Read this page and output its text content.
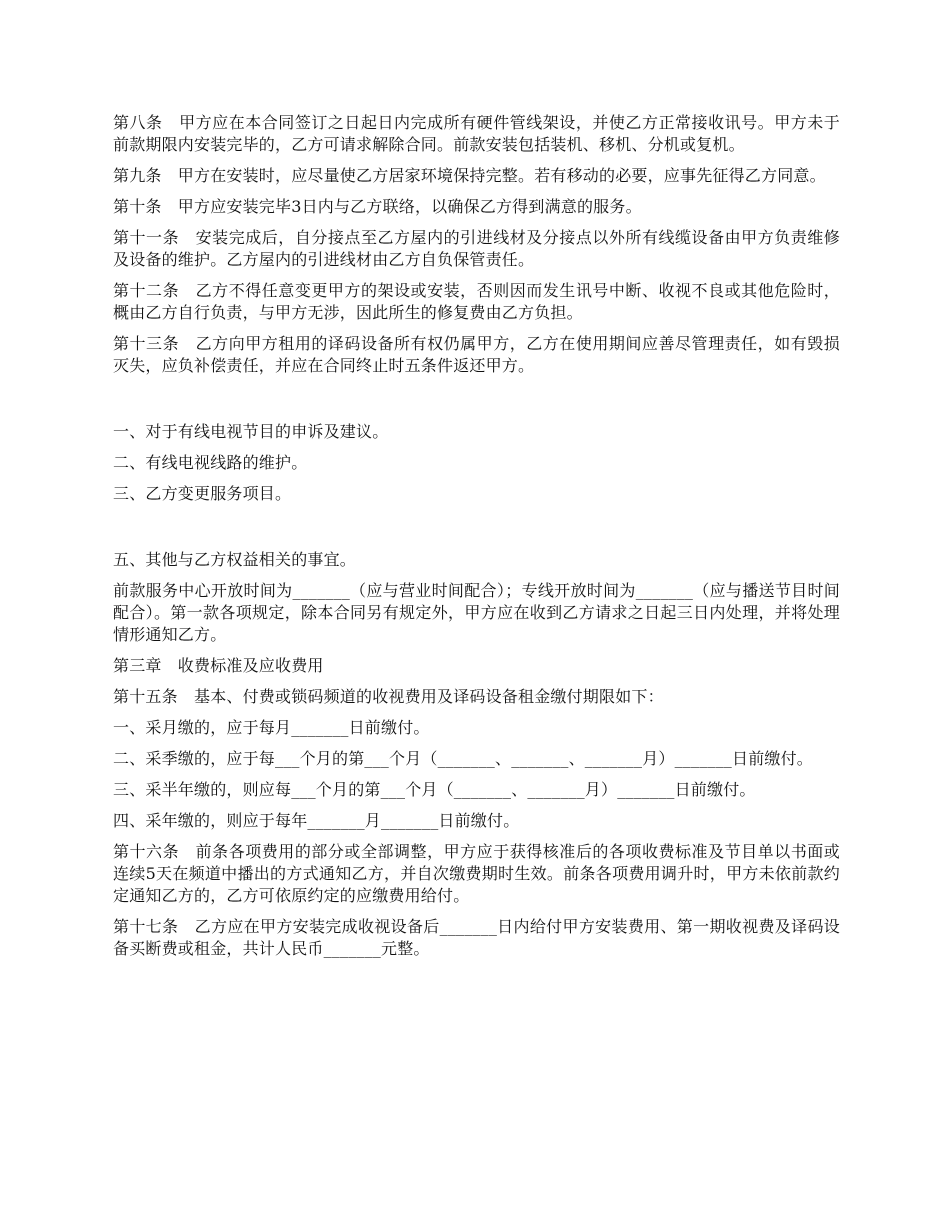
第八条　甲方应在本合同签订之日起日内完成所有硬件管线架设，并使乙方正常接收讯号。甲方未于前款期限内安装完毕的，乙方可请求解除合同。前款安装包括装机、移机、分机或复机。

第九条　甲方在安装时，应尽量使乙方居家环境保持完整。若有移动的必要，应事先征得乙方同意。

第十条　甲方应安装完毕3日内与乙方联络，以确保乙方得到满意的服务。

第十一条　安装完成后，自分接点至乙方屋内的引进线材及分接点以外所有线缆设备由甲方负责维修及设备的维护。乙方屋内的引进线材由乙方自负保管责任。

第十二条　乙方不得任意变更甲方的架设或安装，否则因而发生讯号中断、收视不良或其他危险时，概由乙方自行负责，与甲方无涉，因此所生的修复费由乙方负担。

第十三条　乙方向甲方租用的译码设备所有权仍属甲方，乙方在使用期间应善尽管理责任，如有毁损灭失，应负补偿责任，并应在合同终止时五条件返还甲方。

一、对于有线电视节目的申诉及建议。

二、有线电视线路的维护。

三、乙方变更服务项目。

五、其他与乙方权益相关的事宜。

前款服务中心开放时间为_______（应与营业时间配合）；专线开放时间为_______（应与播送节目时间配合）。第一款各项规定，除本合同另有规定外，甲方应在收到乙方请求之日起三日内处理，并将处理情形通知乙方。

第三章　收费标准及应收费用

第十五条　基本、付费或锁码频道的收视费用及译码设备租金缴付期限如下：

一、采月缴的，应于每月_______日前缴付。

二、采季缴的，应于每___个月的第___个月（_______、_______、_______月）_______日前缴付。

三、采半年缴的，则应每___个月的第___个月（_______、_______月）_______日前缴付。

四、采年缴的，则应于每年_______月_______日前缴付。

第十六条　前条各项费用的部分或全部调整，甲方应于获得核准后的各项收费标准及节目单以书面或连续5天在频道中播出的方式通知乙方，并自次缴费期时生效。前条各项费用调升时，甲方未依前款约定通知乙方的，乙方可依原约定的应缴费用给付。

第十七条　乙方应在甲方安装完成收视设备后_______日内给付甲方安装费用、第一期收视费及译码设备买断费或租金，共计人民币_______元整。
